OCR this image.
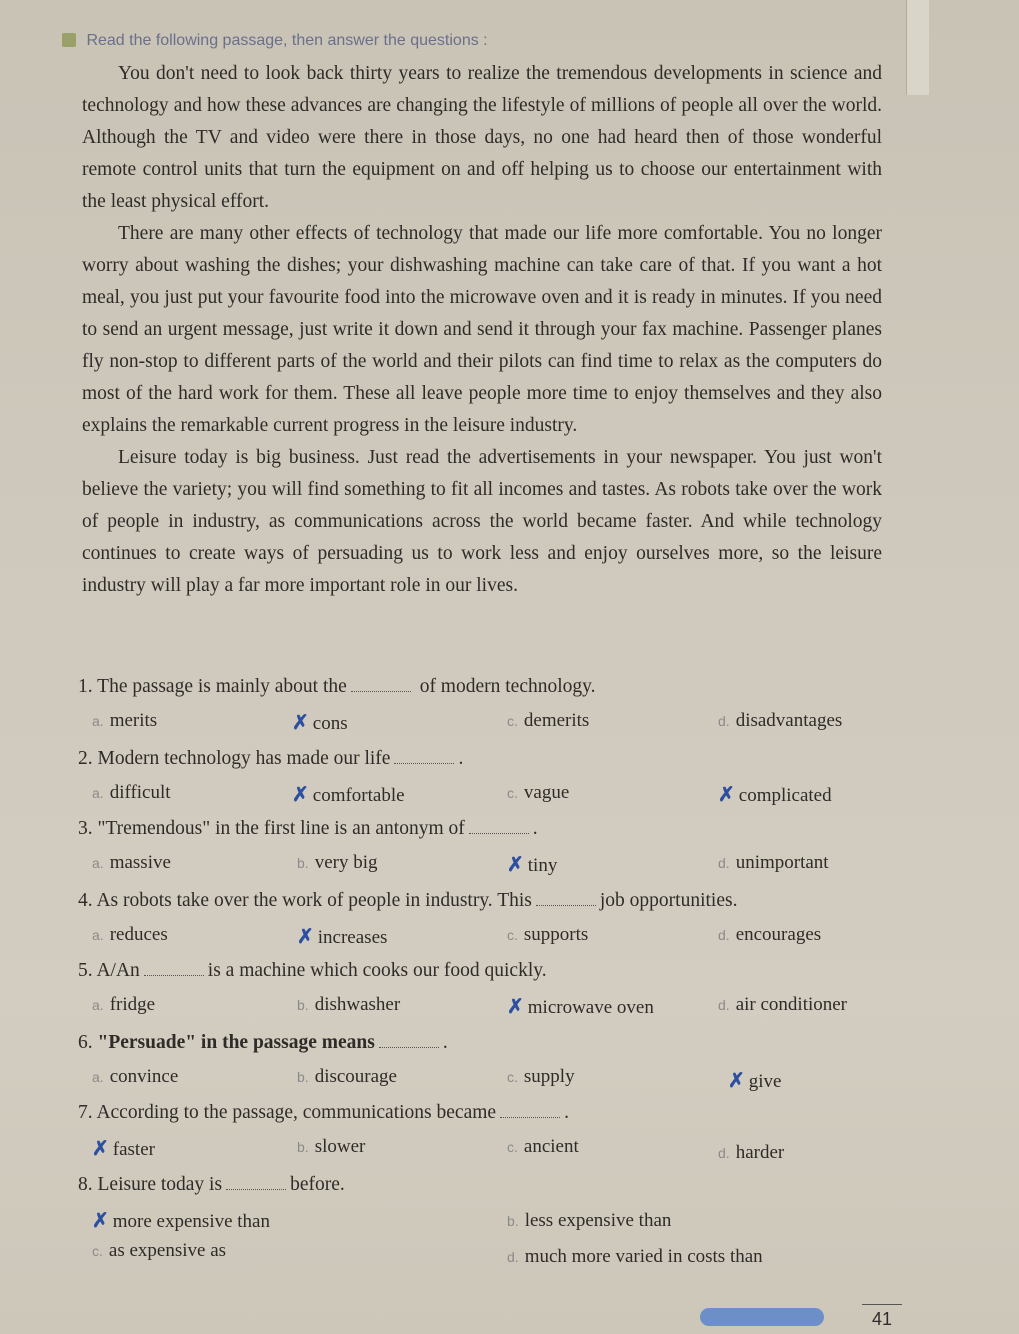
Read the following passage, then answer the questions :

You don't need to look back thirty years to realize the tremendous developments in science and technology and how these advances are changing the lifestyle of millions of people all over the world. Although the TV and video were there in those days, no one had heard then of those wonderful remote control units that turn the equipment on and off helping us to choose our entertainment with the least physical effort.

There are many other effects of technology that made our life more comfortable. You no longer worry about washing the dishes; your dishwashing machine can take care of that. If you want a hot meal, you just put your favourite food into the microwave oven and it is ready in minutes. If you need to send an urgent message, just write it down and send it through your fax machine. Passenger planes fly non-stop to different parts of the world and their pilots can find time to relax as the computers do most of the hard work for them. These all leave people more time to enjoy themselves and they also explains the remarkable current progress in the leisure industry.

Leisure today is big business. Just read the advertisements in your newspaper. You just won't believe the variety; you will find something to fit all incomes and tastes. As robots take over the work of people in industry, as communications across the world became faster. And while technology continues to create ways of persuading us to work less and enjoy ourselves more, so the leisure industry will play a far more important role in our lives.

1. The passage is mainly about the	of modern technology.
a. merits	✗ cons	c. demerits	d. disadvantages
2. Modern technology has made our life	.
a. difficult	✗ comfortable	c. vague	✗ complicated
3. "Tremendous" in the first line is an antonym of	.
a. massive	b. very big	✗ tiny	d. unimportant
4. As robots take over the work of people in industry. This	job opportunities.
a. reduces	✗ increases	c. supports	d. encourages
5. A/An	is a machine which cooks our food quickly.
a. fridge	b. dishwasher	✗ microwave oven	d. air conditioner
6. "Persuade" in the passage means	.
a. convince	b. discourage	c. supply	✗ give
7. According to the passage, communications became	.
✗ faster	b. slower	c. ancient	d. harder
8. Leisure today is	before.
✗ more expensive than	b. less expensive than
c. as expensive as	d. much more varied in costs than
41
